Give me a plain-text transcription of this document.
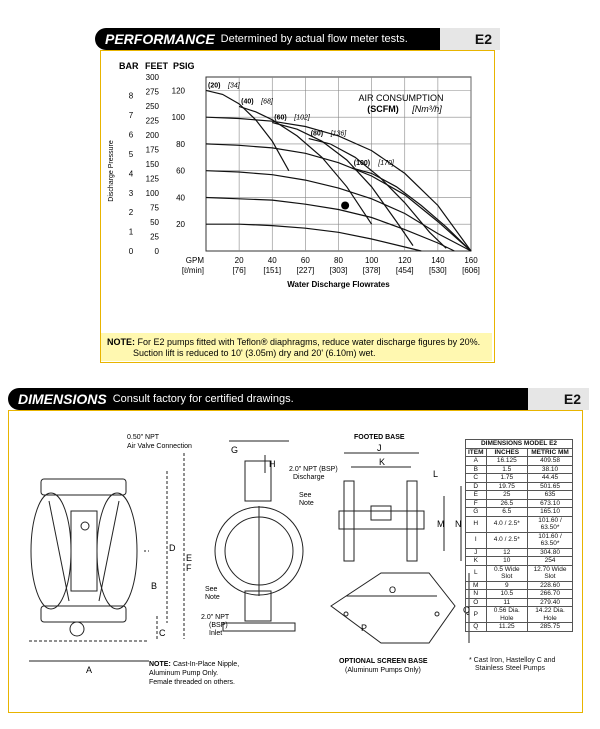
PERFORMANCE Determined by actual flow meter tests.	E2
BAR FEET PSIG
0
1
2
3
4
5
6
7
8
0
25
50
75
100
125
150
175
200
225
250
275
300
20
40
60
80
100
120
Discharge Pressure
GPM
[ℓ/min]
20
[76]
40
[151]
60
[227]
80
[303]
100
[378]
120
[454]
140
[530]
160
[606]
Water Discharge Flowrates
AIR CONSUMPTION
(SCFM) [Nm³/h]
(20) [34]
(40) [68]
(60) [102]
(80) [136]
(100) [170]
NOTE: For E2 pumps fitted with Teflon® diaphragms, reduce water discharge figures by 20%.
Suction lift is reduced to 10' (3.05m) dry and 20' (6.10m) wet.
DIMENSIONS Consult factory for certified drawings.	E2
A
B
C
D
E
F
0.50" NPT
Air Valve Connection
NOTE: Cast-In-Place Nipple,
Aluminum Pump Only.
Female threaded on others.
G
H
2.0" NPT (BSP)
Discharge
See
Note
See
Note
2.0" NPT
(BSP)
Inlet
FOOTED BASE
J
K
L
M N
O
P
Q
OPTIONAL SCREEN BASE
(Aluminum Pumps Only)
DIMENSIONS MODEL E2		
ITEM	INCHES	METRIC MM
A	16.125	409.58
B	1.5	38.10
C	1.75	44.45
D	19.75	501.65
E	25	635
F	26.5	673.10
G	6.5	165.10
H	4.0 / 2.5*	101.60 / 63.50*
I	4.0 / 2.5*	101.60 / 63.50*
J	12	304.80
K	10	254
L	0.5 Wide Slot	12.70 Wide Slot
M	9	228.60
N	10.5	266.70
O	11	279.40
P	0.56 Dia. Hole	14.22 Dia. Hole
Q	11.25	285.75
* Cast Iron, Hastelloy C and
Stainless Steel Pumps
